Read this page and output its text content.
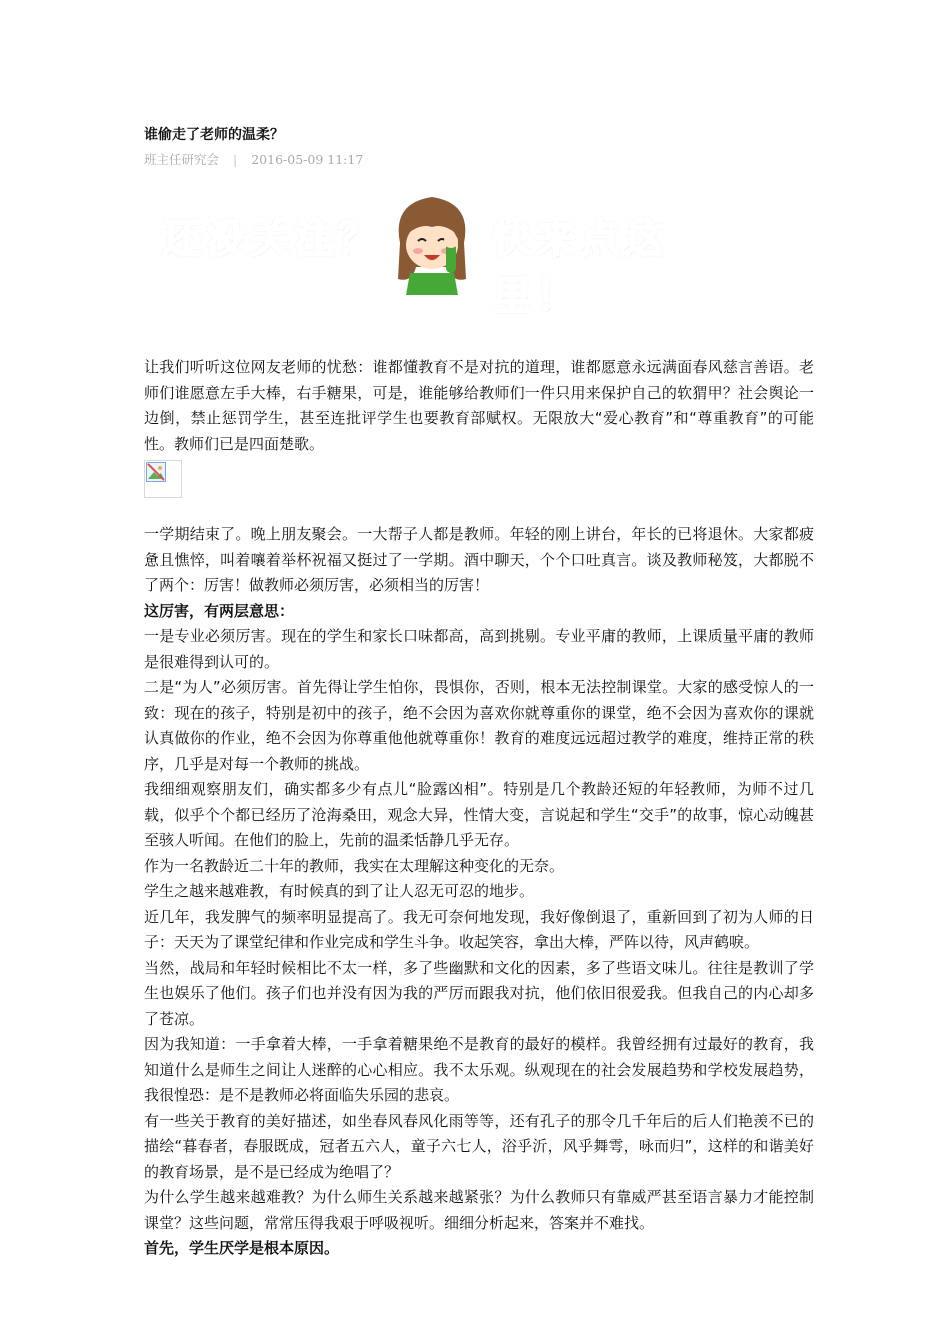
谁偷走了老师的温柔？
班主任研究会 | 2016-05-09 11:17
还没关注？	快来点这里！

让我们听听这位网友老师的忧愁：谁都懂教育不是对抗的道理，谁都愿意永远满面春风慈言善语。老师们谁愿意左手大棒，右手糖果，可是，谁能够给教师们一件只用来保护自己的软猬甲？社会舆论一边倒，禁止惩罚学生，甚至连批评学生也要教育部赋权。无限放大“爱心教育”和“尊重教育”的可能性。教师们已是四面楚歌。

一学期结束了。晚上朋友聚会。一大帮子人都是教师。年轻的刚上讲台，年长的已将退休。大家都疲惫且憔悴，叫着嚷着举杯祝福又挺过了一学期。酒中聊天，个个口吐真言。谈及教师秘笈，大都脱不了两个：厉害！做教师必须厉害，必须相当的厉害！

这厉害，有两层意思：

一是专业必须厉害。现在的学生和家长口味都高，高到挑剔。专业平庸的教师，上课质量平庸的教师是很难得到认可的。

二是“为人”必须厉害。首先得让学生怕你，畏惧你，否则，根本无法控制课堂。大家的感受惊人的一致：现在的孩子，特别是初中的孩子，绝不会因为喜欢你就尊重你的课堂，绝不会因为喜欢你的课就认真做你的作业，绝不会因为你尊重他他就尊重你！教育的难度远远超过教学的难度，维持正常的秩序，几乎是对每一个教师的挑战。

我细细观察朋友们，确实都多少有点儿“脸露凶相”。特别是几个教龄还短的年轻教师，为师不过几载，似乎个个都已经历了沧海桑田，观念大异，性情大变，言说起和学生“交手”的故事，惊心动魄甚至骇人听闻。在他们的脸上，先前的温柔恬静几乎无存。

作为一名教龄近二十年的教师，我实在太理解这种变化的无奈。

学生之越来越难教，有时候真的到了让人忍无可忍的地步。

近几年，我发脾气的频率明显提高了。我无可奈何地发现，我好像倒退了，重新回到了初为人师的日子：天天为了课堂纪律和作业完成和学生斗争。收起笑容，拿出大棒，严阵以待，风声鹤唳。

当然，战局和年轻时候相比不太一样，多了些幽默和文化的因素，多了些语文味儿。往往是教训了学生也娱乐了他们。孩子们也并没有因为我的严厉而跟我对抗，他们依旧很爱我。但我自己的内心却多了苍凉。

因为我知道：一手拿着大棒，一手拿着糖果绝不是教育的最好的模样。我曾经拥有过最好的教育，我知道什么是师生之间让人迷醉的心心相应。我不太乐观。纵观现在的社会发展趋势和学校发展趋势，我很惶恐：是不是教师必将面临失乐园的悲哀。

有一些关于教育的美好描述，如坐春风春风化雨等等，还有孔子的那令几千年后的后人们艳羡不已的描绘“暮春者，春服既成，冠者五六人，童子六七人，浴乎沂，风乎舞雩，咏而归”，这样的和谐美好的教育场景，是不是已经成为绝唱了？

为什么学生越来越难教？为什么师生关系越来越紧张？为什么教师只有靠威严甚至语言暴力才能控制课堂？这些问题，常常压得我艰于呼吸视听。细细分析起来，答案并不难找。

首先，学生厌学是根本原因。
